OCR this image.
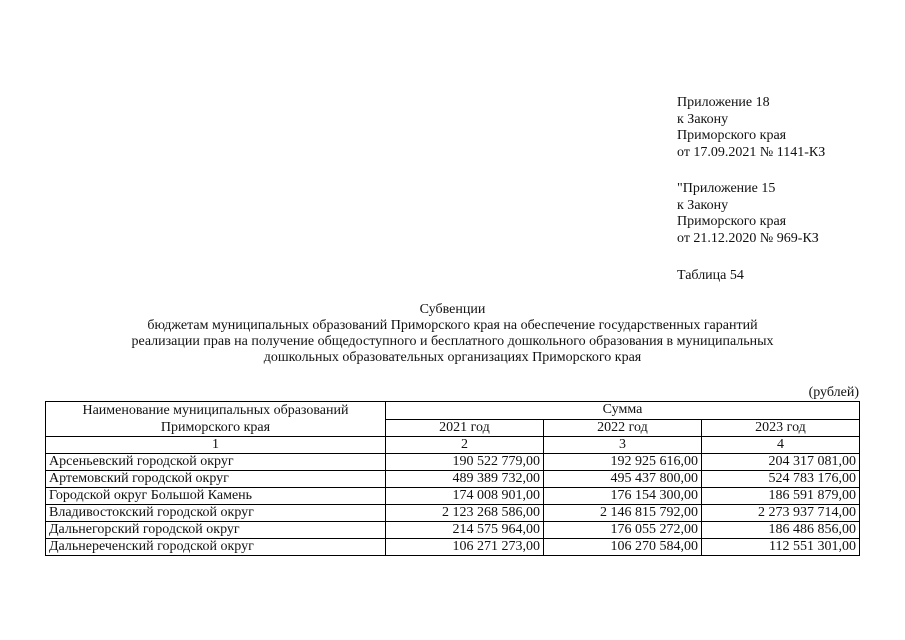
Приложение 18
к Закону
Приморского края
от 17.09.2021 № 1141-КЗ
"Приложение 15
к Закону
Приморского края
от 21.12.2020 № 969-КЗ
Таблица 54
Субвенции
бюджетам муниципальных образований Приморского края на обеспечение государственных гарантий
реализации прав на получение общедоступного и бесплатного дошкольного образования в муниципальных
дошкольных образовательных организациях Приморского края
(рублей)
Наименование муниципальных образований Приморского края	Сумма		
	2021 год	2022 год	2023 год
1	2	3	4
Арсеньевский городской округ	190 522 779,00	192 925 616,00	204 317 081,00
Артемовский городской округ	489 389 732,00	495 437 800,00	524 783 176,00
Городской округ Большой Камень	174 008 901,00	176 154 300,00	186 591 879,00
Владивостокский городской округ	2 123 268 586,00	2 146 815 792,00	2 273 937 714,00
Дальнегорский городской округ	214 575 964,00	176 055 272,00	186 486 856,00
Дальнереченский городской округ	106 271 273,00	106 270 584,00	112 551 301,00
